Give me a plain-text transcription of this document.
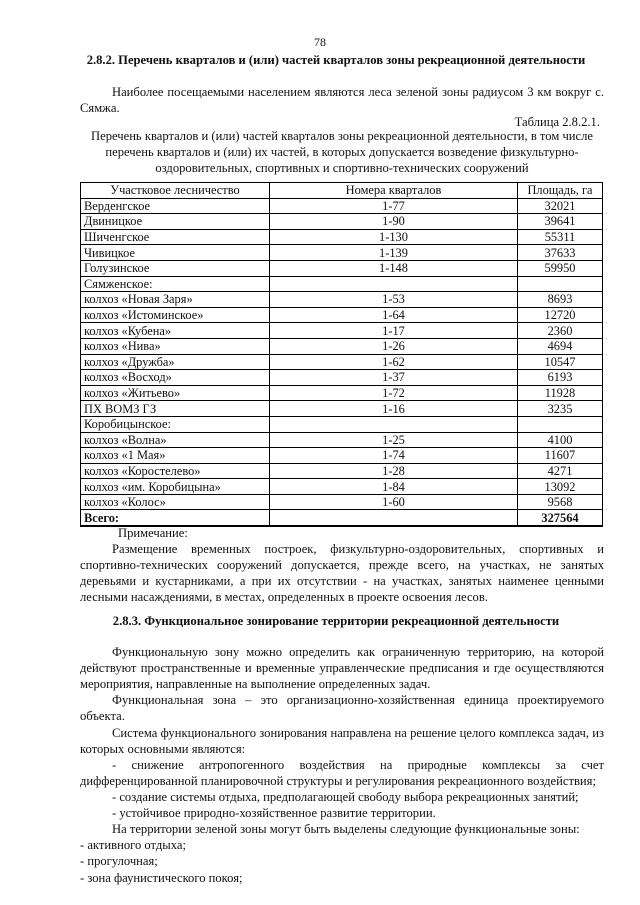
78
2.8.2. Перечень кварталов и (или) частей кварталов зоны рекреационной деятельности
Наиболее посещаемыми населением являются леса зеленой зоны радиусом 3 км вокруг с. Сямжа.
Таблица 2.8.2.1.
Перечень кварталов и (или) частей кварталов зоны рекреационной деятельности, в том числе перечень кварталов и (или) их частей, в которых допускается возведение физкультурно-оздоровительных, спортивных и спортивно-технических сооружений
Участковое лесничество	Номера кварталов	Площадь, га
Верденгское	1-77	32021
Двиницкое	1-90	39641
Шиченгское	1-130	55311
Чивицкое	1-139	37633
Голузинское	1-148	59950
Сямженское:		
колхоз «Новая Заря»	1-53	8693
колхоз «Истоминское»	1-64	12720
колхоз «Кубена»	1-17	2360
колхоз «Нива»	1-26	4694
колхоз «Дружба»	1-62	10547
колхоз «Восход»	1-37	6193
колхоз «Житьево»	1-72	11928
ПХ ВОМЗ ГЗ	1-16	3235
Коробицынское:		
колхоз «Волна»	1-25	4100
колхоз «1 Мая»	1-74	11607
колхоз «Коростелево»	1-28	4271
колхоз «им. Коробицына»	1-84	13092
колхоз «Колос»	1-60	9568
Всего:		327564
Примечание:
Размещение временных построек, физкультурно-оздоровительных, спортивных и спортивно-технических сооружений допускается, прежде всего, на участках, не занятых деревьями и кустарниками, а при их отсутствии - на участках, занятых наименее ценными лесными насаждениями, в местах, определенных в проекте освоения лесов.
2.8.3. Функциональное зонирование территории рекреационной деятельности

Функциональную зону можно определить как ограниченную территорию, на которой действуют пространственные и временные управленческие предписания и где осуществляются мероприятия, направленные на выполнение определенных задач.

Функциональная зона – это организационно-хозяйственная единица проектируемого объекта.

Система функционального зонирования направлена на решение целого комплекса задач, из которых основными являются:

- снижение антропогенного воздействия на природные комплексы за счет дифференцированной планировочной структуры и регулирования рекреационного воздействия;

- создание системы отдыха, предполагающей свободу выбора рекреационных занятий;

- устойчивое природно-хозяйственное развитие территории.

На территории зеленой зоны могут быть выделены следующие функциональные зоны:

- активного отдыха;

- прогулочная;

- зона фаунистического покоя;
